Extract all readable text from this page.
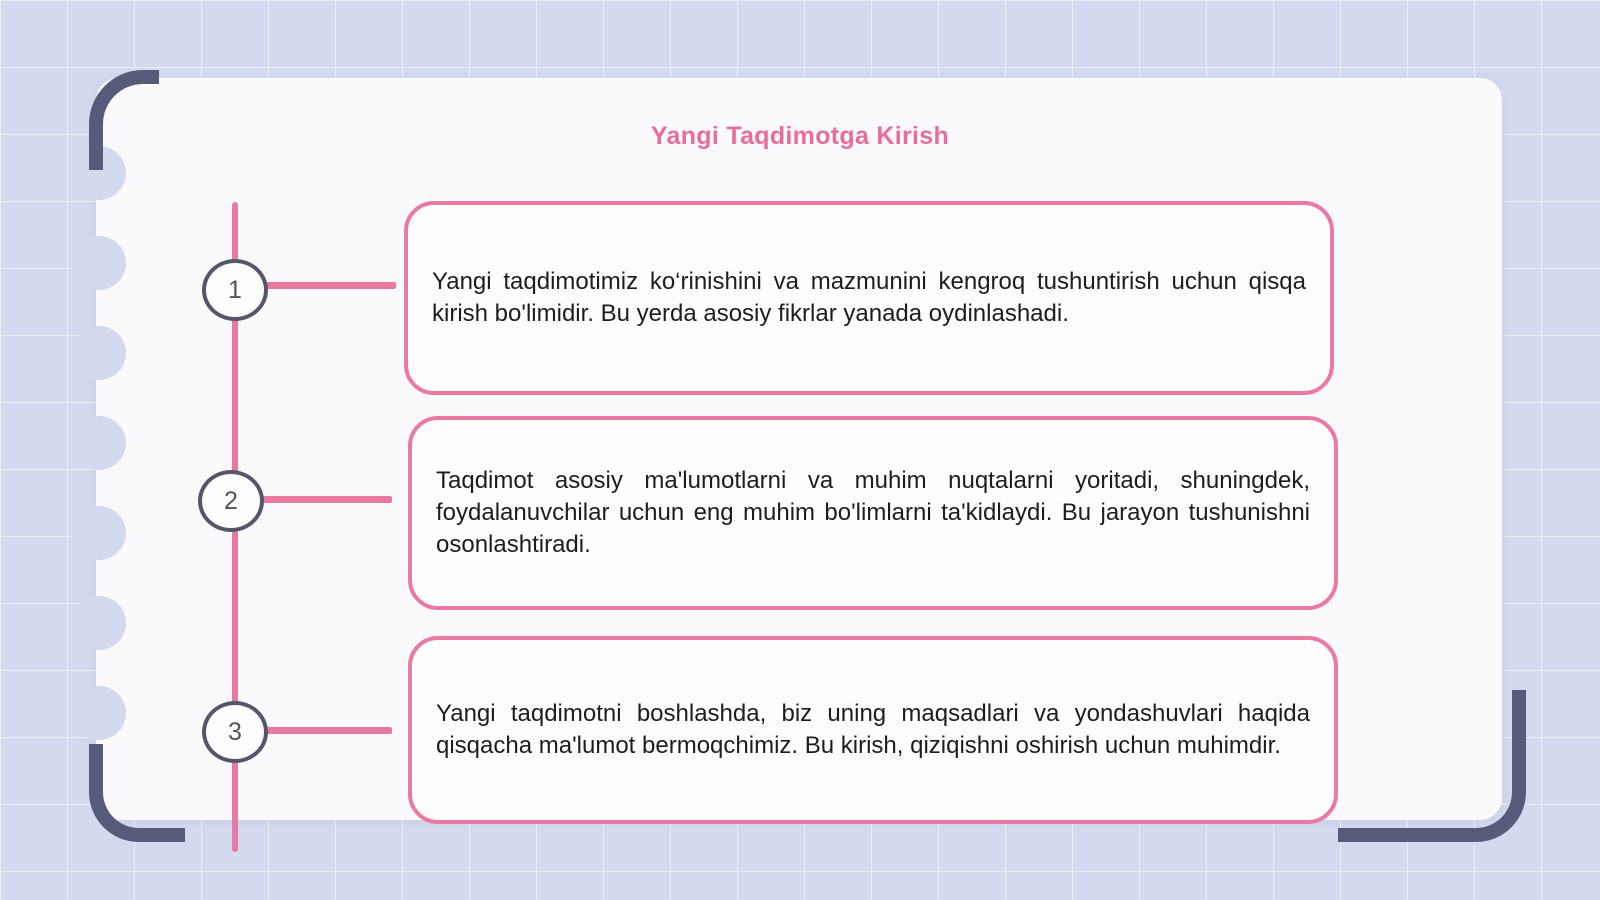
Yangi Taqdimotga Kirish
1
2
3
Yangi taqdimotimiz ko‘rinishini va mazmunini kengroq tushuntirish uchun qisqa kirish bo'limidir. Bu yerda asosiy fikrlar yanada oydinlashadi.
Taqdimot asosiy ma'lumotlarni va muhim nuqtalarni yoritadi, shuningdek, foydalanuvchilar uchun eng muhim bo'limlarni ta'kidlaydi. Bu jarayon tushunishni osonlashtiradi.
Yangi taqdimotni boshlashda, biz uning maqsadlari va yondashuvlari haqida qisqacha ma'lumot bermoqchimiz. Bu kirish, qiziqishni oshirish uchun muhimdir.
